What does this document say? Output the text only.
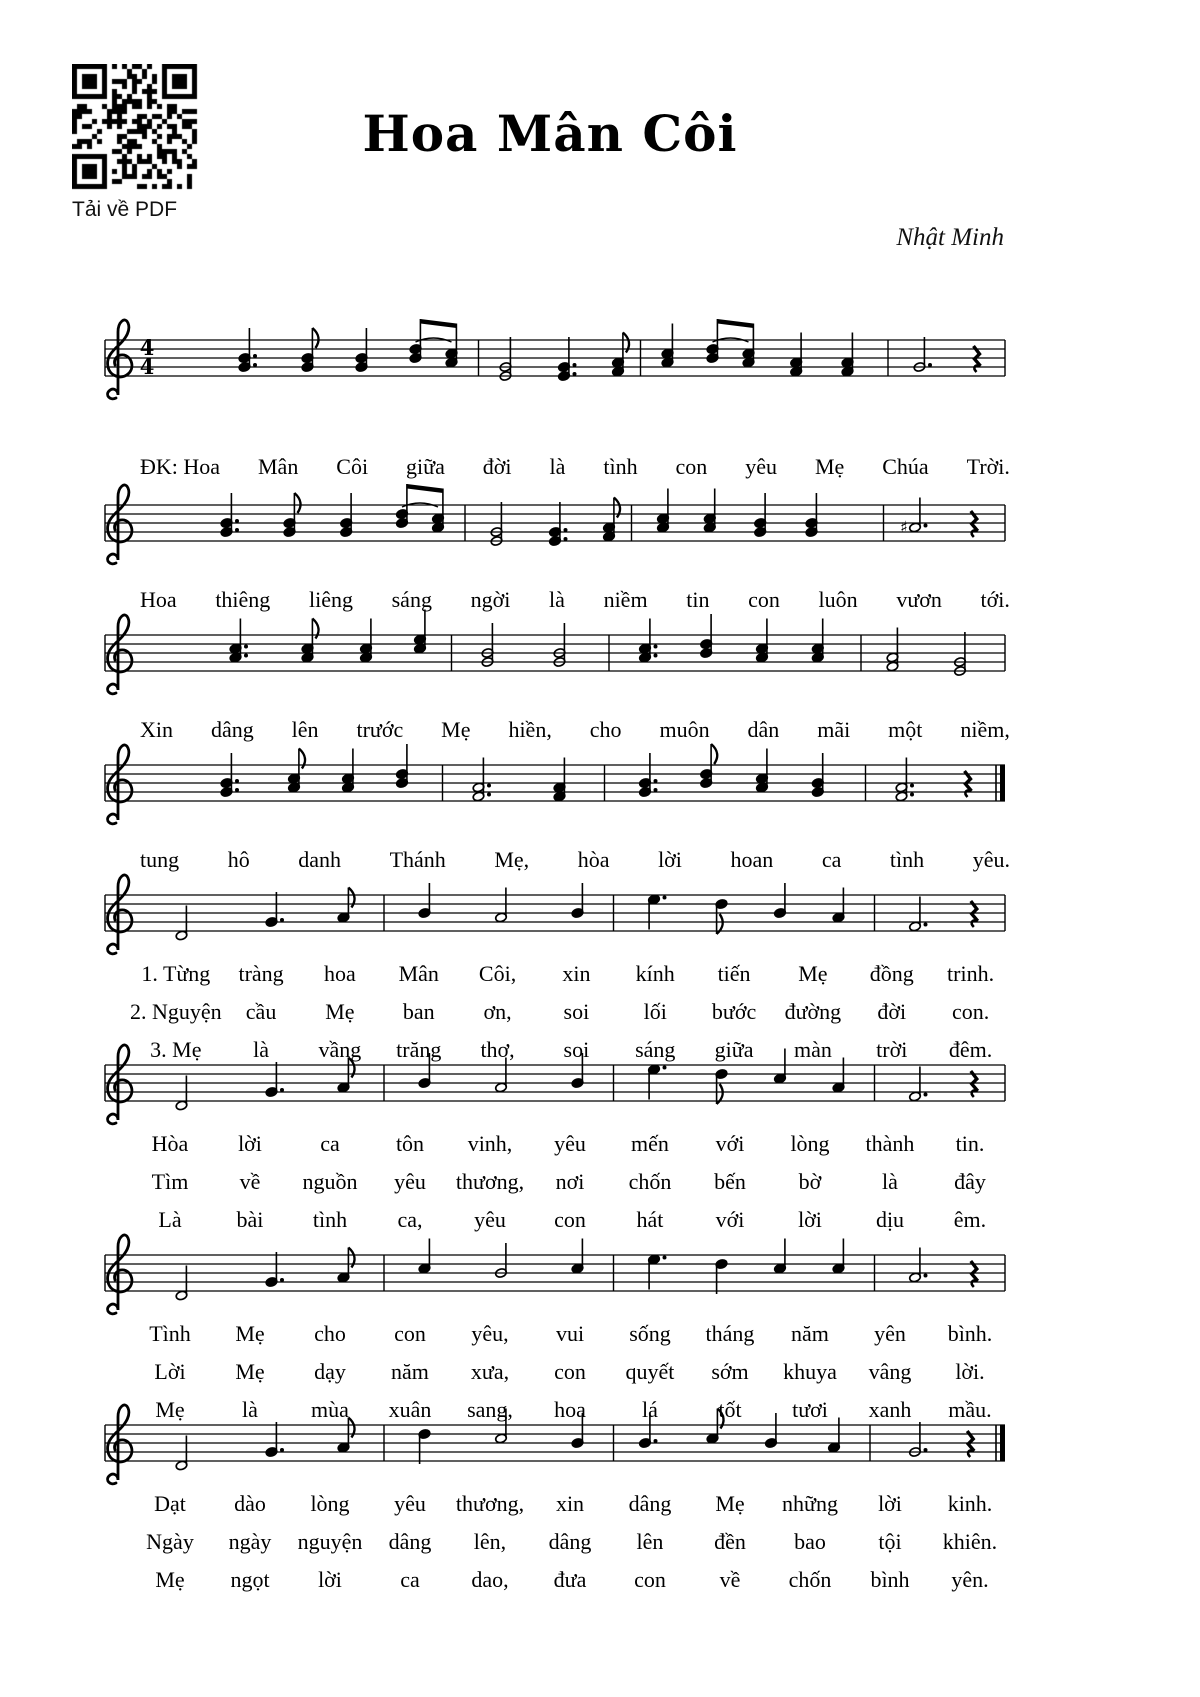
Tải về PDF
Hoa Mân Côi
Nhật Minh
4
4
♯
ĐK: Hoa Mân Côi giữa đời là tình con yêu Mẹ Chúa Trời.
Hoa thiêng liêng sáng ngời là niềm tin con luôn vươn tới.
Xin dâng lên trước Mẹ hiền, cho muôn dân mãi một niềm,
tung hô danh Thánh Mẹ, hòa lời hoan ca tình yêu.
1. Từng	tràng	hoa	Mân	Côi,	xin	kính	tiến	Mẹ	đồng	trinh.
2. Nguyện	cầu	Mẹ	ban	ơn,	soi	lối	bước	đường	đời	con.
3. Mẹ	là	vầng	trăng	thơ,	soi	sáng	giữa	màn	trời	đêm.
Hòa	lời	ca	tôn	vinh,	yêu	mến	với	lòng	thành	tin.
Tìm	về	nguồn	yêu	thương,	nơi	chốn	bến	bờ	là	đây
Là	bài	tình	ca,	yêu	con	hát	với	lời	dịu	êm.
Tình	Mẹ	cho	con	yêu,	vui	sống	tháng	năm	yên	bình.
Lời	Mẹ	dạy	năm	xưa,	con	quyết	sớm	khuya	vâng	lời.
Mẹ	là	mùa	xuân	sang,	hoa	lá	tốt	tươi	xanh	mầu.
Dạt	dào	lòng	yêu	thương,	xin	dâng	Mẹ	những	lời	kinh.
Ngày	ngày	nguyện	dâng	lên,	dâng	lên	đền	bao	tội	khiên.
Mẹ	ngọt	lời	ca	dao,	đưa	con	về	chốn	bình	yên.
